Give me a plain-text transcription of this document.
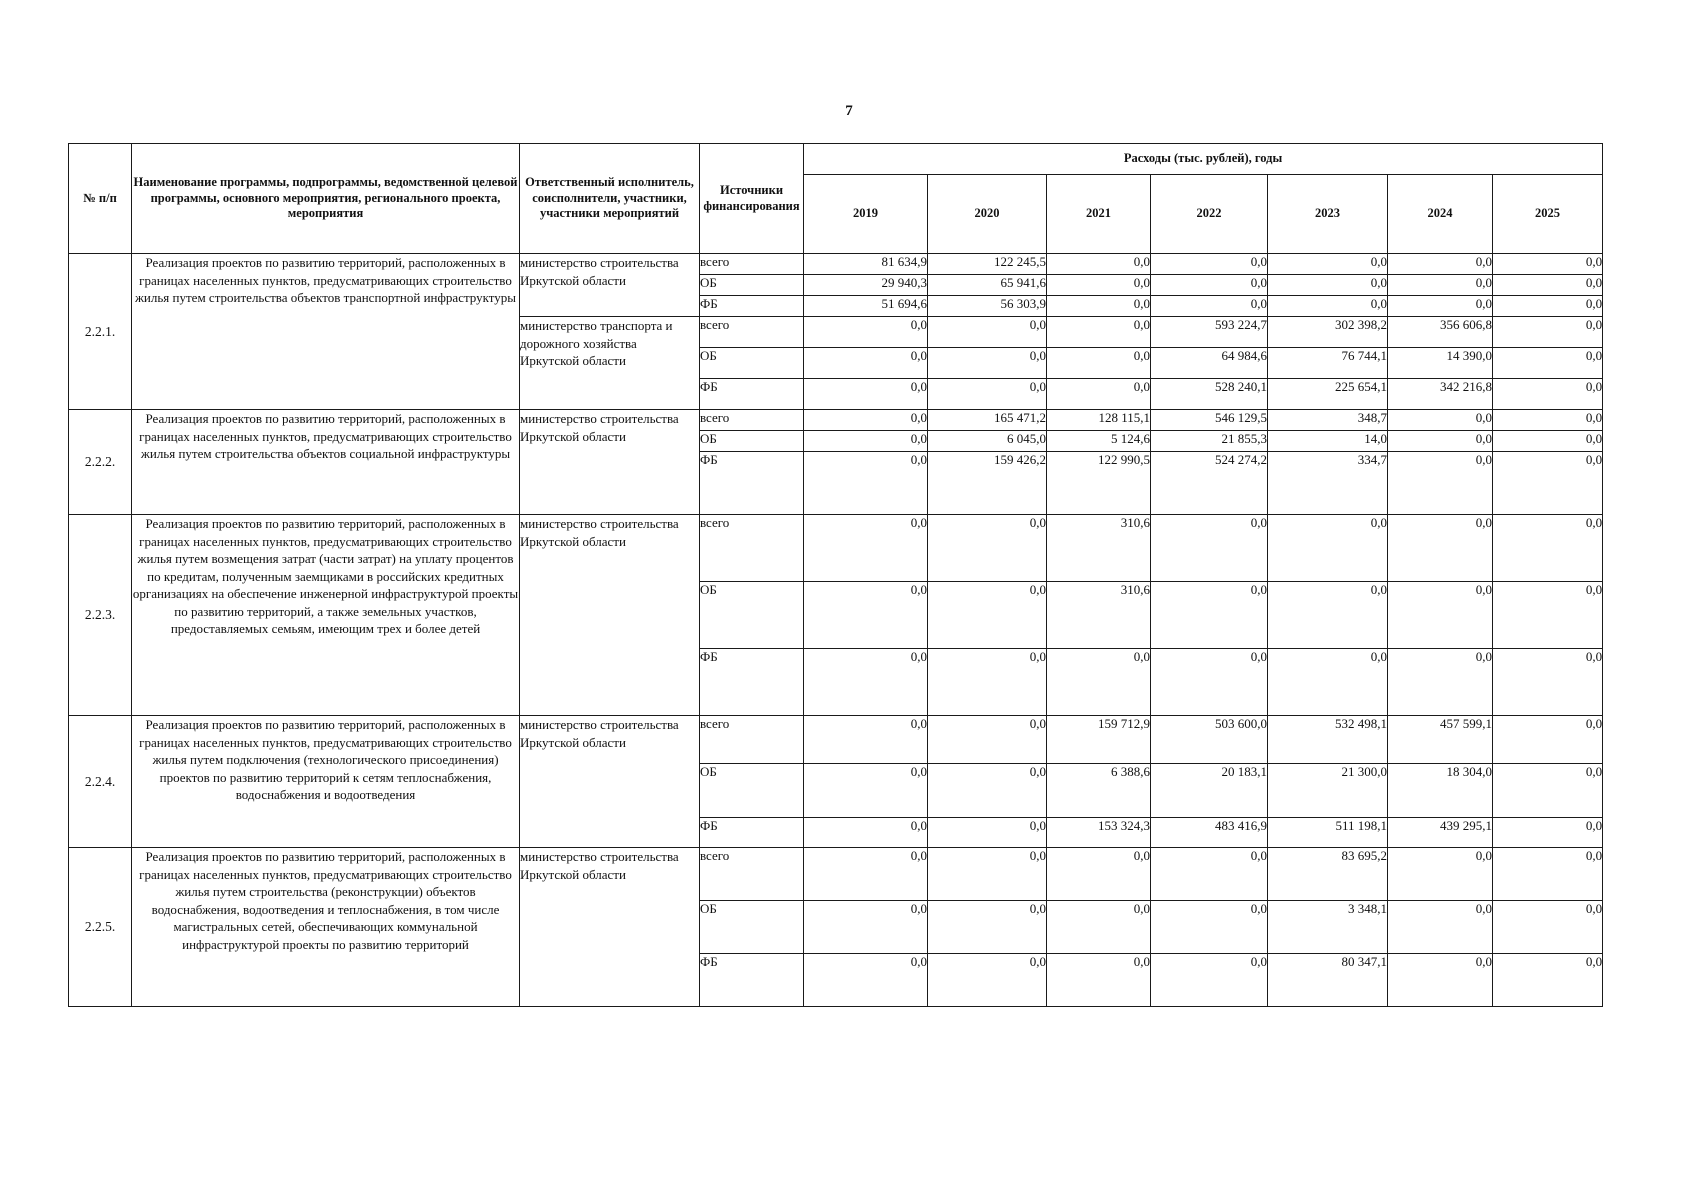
7
№ п/п	Наименование программы, подпрограммы, ведомственной целевой программы, основного мероприятия, регионального проекта, мероприятия	Ответственный исполнитель, соисполнители, участники, участники мероприятий	Источники финансирования	Расходы (тыс. рублей), годы						
				2019	2020	2021	2022	2023	2024	2025
2.2.1.	Реализация проектов по развитию территорий, расположенных в границах населенных пунктов, предусматривающих строительство жилья путем строительства объектов транспортной инфраструктуры	министерство строительства Иркутской области	всего	81 634,9	122 245,5	0,0	0,0	0,0	0,0	0,0
			ОБ	29 940,3	65 941,6	0,0	0,0	0,0	0,0	0,0
			ФБ	51 694,6	56 303,9	0,0	0,0	0,0	0,0	0,0
		министерство транспорта и дорожного хозяйства Иркутской области	всего	0,0	0,0	0,0	593 224,7	302 398,2	356 606,8	0,0
			ОБ	0,0	0,0	0,0	64 984,6	76 744,1	14 390,0	0,0
			ФБ	0,0	0,0	0,0	528 240,1	225 654,1	342 216,8	0,0
2.2.2.	Реализация проектов по развитию территорий, расположенных в границах населенных пунктов, предусматривающих строительство жилья путем строительства объектов социальной инфраструктуры	министерство строительства Иркутской области	всего	0,0	165 471,2	128 115,1	546 129,5	348,7	0,0	0,0
			ОБ	0,0	6 045,0	5 124,6	21 855,3	14,0	0,0	0,0
			ФБ	0,0	159 426,2	122 990,5	524 274,2	334,7	0,0	0,0
2.2.3.	Реализация проектов по развитию территорий, расположенных в границах населенных пунктов, предусматривающих строительство жилья путем возмещения затрат (части затрат) на уплату процентов по кредитам, полученным заемщиками в российских кредитных организациях на обеспечение инженерной инфраструктурой проекты по развитию территорий, а также земельных участков, предоставляемых семьям, имеющим трех и более детей	министерство строительства Иркутской области	всего	0,0	0,0	310,6	0,0	0,0	0,0	0,0
			ОБ	0,0	0,0	310,6	0,0	0,0	0,0	0,0
			ФБ	0,0	0,0	0,0	0,0	0,0	0,0	0,0
2.2.4.	Реализация проектов по развитию территорий, расположенных в границах населенных пунктов, предусматривающих строительство жилья путем подключения (технологического присоединения) проектов по развитию территорий к сетям теплоснабжения, водоснабжения и водоотведения	министерство строительства Иркутской области	всего	0,0	0,0	159 712,9	503 600,0	532 498,1	457 599,1	0,0
			ОБ	0,0	0,0	6 388,6	20 183,1	21 300,0	18 304,0	0,0
			ФБ	0,0	0,0	153 324,3	483 416,9	511 198,1	439 295,1	0,0
2.2.5.	Реализация проектов по развитию территорий, расположенных в границах населенных пунктов, предусматривающих строительство жилья путем строительства (реконструкции) объектов водоснабжения, водоотведения и теплоснабжения, в том числе магистральных сетей, обеспечивающих коммунальной инфраструктурой проекты по развитию территорий	министерство строительства Иркутской области	всего	0,0	0,0	0,0	0,0	83 695,2	0,0	0,0
			ОБ	0,0	0,0	0,0	0,0	3 348,1	0,0	0,0
			ФБ	0,0	0,0	0,0	0,0	80 347,1	0,0	0,0
